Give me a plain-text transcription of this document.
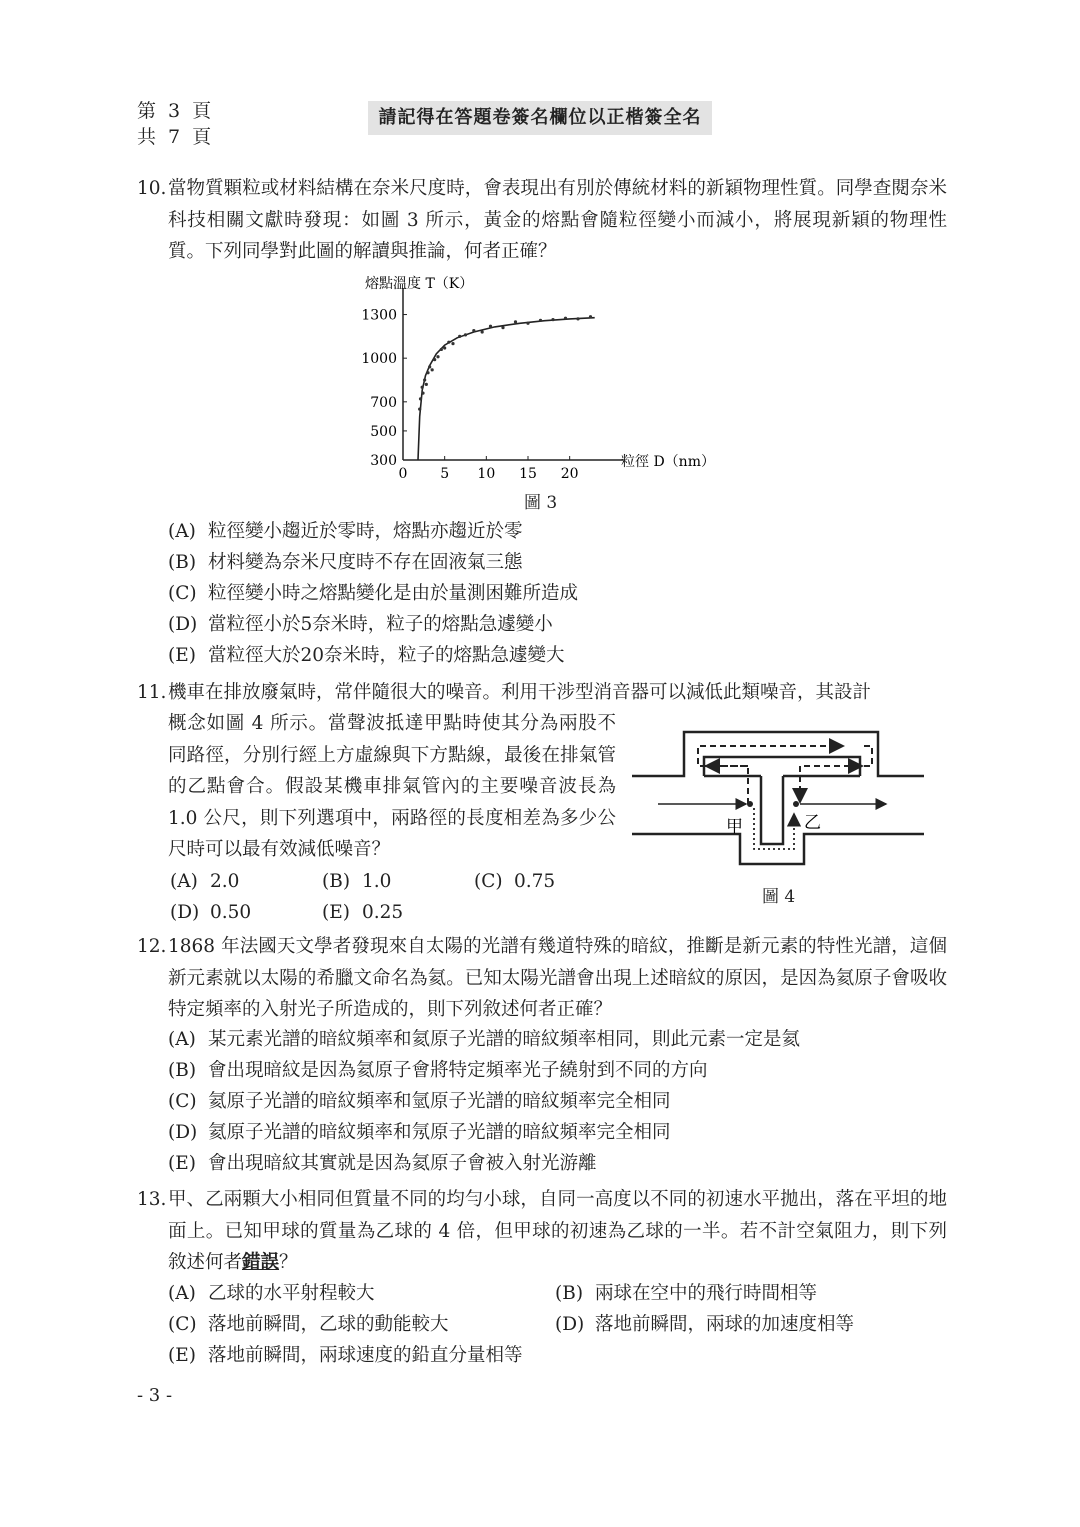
第 3 頁
共 7 頁
請記得在答題卷簽名欄位以正楷簽全名
10. 當物質顆粒或材料結構在奈米尺度時，會表現出有別於傳統材料的新穎物理性質。同學查閱奈米科技相關文獻時發現：如圖 3 所示，黃金的熔點會隨粒徑變小而減小，將展現新穎的物理性質。下列同學對此圖的解讀與推論，何者正確？
0 5 10 15 20
300
500
700
1000
1300
熔點溫度 T（K）
粒徑 D（nm）
圖 3
(A) 粒徑變小趨近於零時，熔點亦趨近於零
(B) 材料變為奈米尺度時不存在固液氣三態
(C) 粒徑變小時之熔點變化是由於量測困難所造成
(D) 當粒徑小於5奈米時，粒子的熔點急遽變小
(E) 當粒徑大於20奈米時，粒子的熔點急遽變大
11. 機車在排放廢氣時，常伴隨很大的噪音。利用干涉型消音器可以減低此類噪音，其設計
概念如圖 4 所示。當聲波抵達甲點時使其分為兩股不同路徑，分別行經上方虛線與下方點線，最後在排氣管的乙點會合。假設某機車排氣管內的主要噪音波長為 1.0 公尺，則下列選項中，兩路徑的長度相差為多少公尺時可以最有效減低噪音？
甲	乙
圖 4
(A) 2.0	(B) 1.0	(C) 0.75
(D) 0.50	(E) 0.25
12. 1868 年法國天文學者發現來自太陽的光譜有幾道特殊的暗紋，推斷是新元素的特性光譜，這個新元素就以太陽的希臘文命名為氦。已知太陽光譜會出現上述暗紋的原因，是因為氦原子會吸收特定頻率的入射光子所造成的，則下列敘述何者正確？
(A) 某元素光譜的暗紋頻率和氦原子光譜的暗紋頻率相同，則此元素一定是氦
(B) 會出現暗紋是因為氦原子會將特定頻率光子繞射到不同的方向
(C) 氦原子光譜的暗紋頻率和氫原子光譜的暗紋頻率完全相同
(D) 氦原子光譜的暗紋頻率和氖原子光譜的暗紋頻率完全相同
(E) 會出現暗紋其實就是因為氦原子會被入射光游離
13. 甲、乙兩顆大小相同但質量不同的均勻小球，自同一高度以不同的初速水平拋出，落在平坦的地面上。已知甲球的質量為乙球的 4 倍，但甲球的初速為乙球的一半。若不計空氣阻力，則下列敘述何者錯誤？
(A) 乙球的水平射程較大	(B) 兩球在空中的飛行時間相等
(C) 落地前瞬間，乙球的動能較大	(D) 落地前瞬間，兩球的加速度相等
(E) 落地前瞬間，兩球速度的鉛直分量相等
- 3 -
